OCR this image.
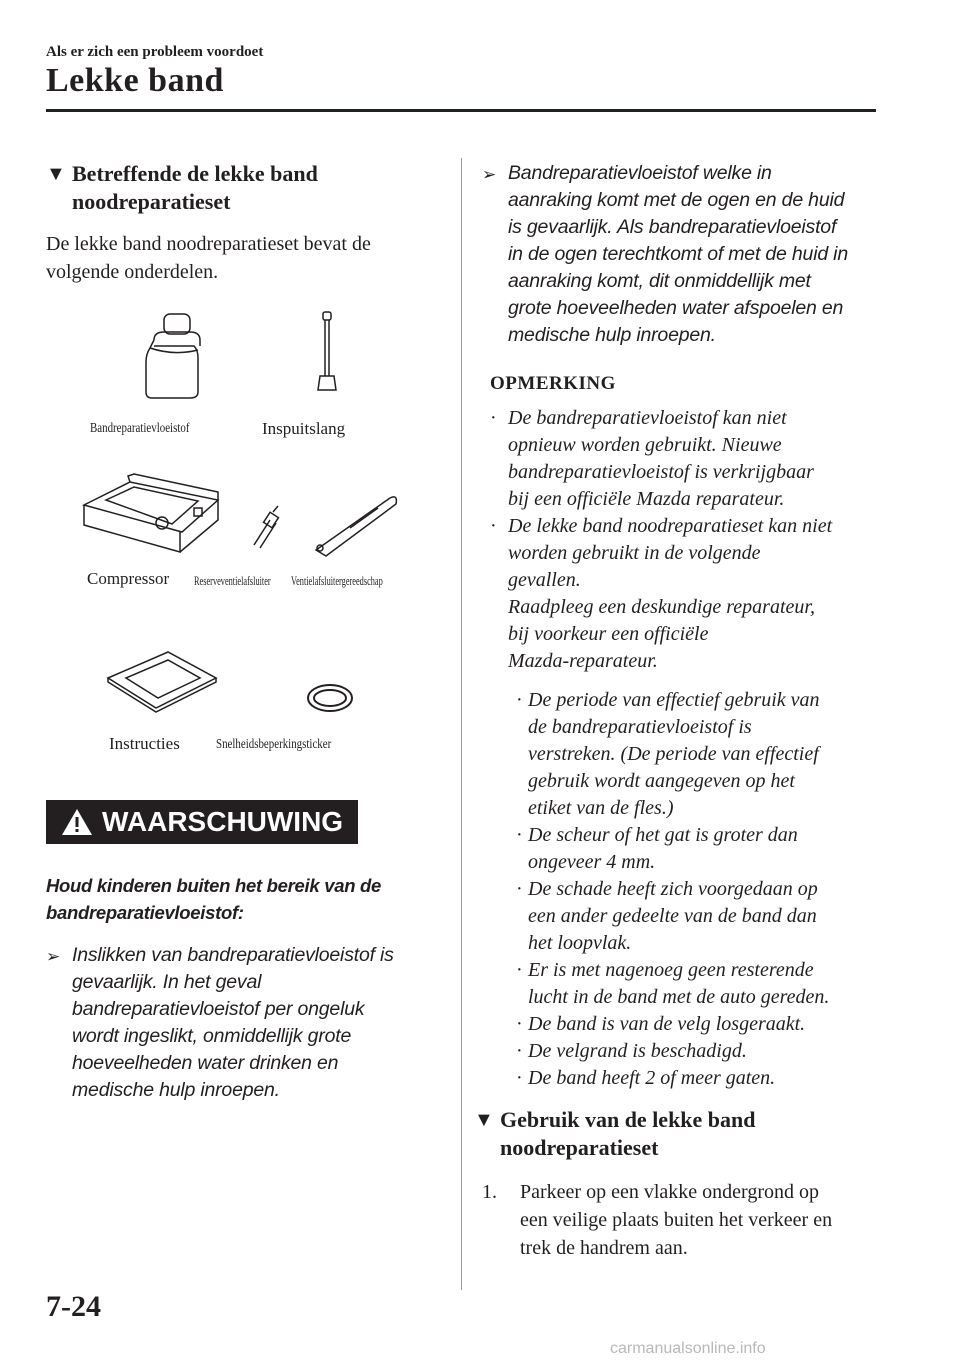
Als er zich een probleem voordoet
Lekke band
▼ Betreffende de lekke band
noodreparatieset
De lekke band noodreparatieset bevat de
volgende onderdelen.
Bandreparatievloeistof	Inspuitslang
Compressor Reserveventielafsluiter Ventielafsluitergereedschap
Instructies	Snelheidsbeperkingsticker
WAARSCHUWING
Houd kinderen buiten het bereik van de
bandreparatievloeistof:
➢ Inslikken van bandreparatievloeistof is
gevaarlijk. In het geval
bandreparatievloeistof per ongeluk
wordt ingeslikt, onmiddellijk grote
hoeveelheden water drinken en
medische hulp inroepen.
➢ Bandreparatievloeistof welke in
aanraking komt met de ogen en de huid
is gevaarlijk. Als bandreparatievloeistof
in de ogen terechtkomt of met de huid in
aanraking komt, dit onmiddellijk met
grote hoeveelheden water afspoelen en
medische hulp inroepen.
OPMERKING
· De bandreparatievloeistof kan niet
opnieuw worden gebruikt. Nieuwe
bandreparatievloeistof is verkrijgbaar
bij een officiële Mazda reparateur.
· De lekke band noodreparatieset kan niet
worden gebruikt in de volgende
gevallen.
Raadpleeg een deskundige reparateur,
bij voorkeur een officiële
Mazda-reparateur.
· De periode van effectief gebruik van
de bandreparatievloeistof is
verstreken. (De periode van effectief
gebruik wordt aangegeven op het
etiket van de fles.)
· De scheur of het gat is groter dan
ongeveer 4 mm.
· De schade heeft zich voorgedaan op
een ander gedeelte van de band dan
het loopvlak.
· Er is met nagenoeg geen resterende
lucht in de band met de auto gereden.
· De band is van de velg losgeraakt.
· De velgrand is beschadigd.
· De band heeft 2 of meer gaten.
▼ Gebruik van de lekke band
noodreparatieset
1.	Parkeer op een vlakke ondergrond op
een veilige plaats buiten het verkeer en
trek de handrem aan.
7-24
carmanualsonline.info
